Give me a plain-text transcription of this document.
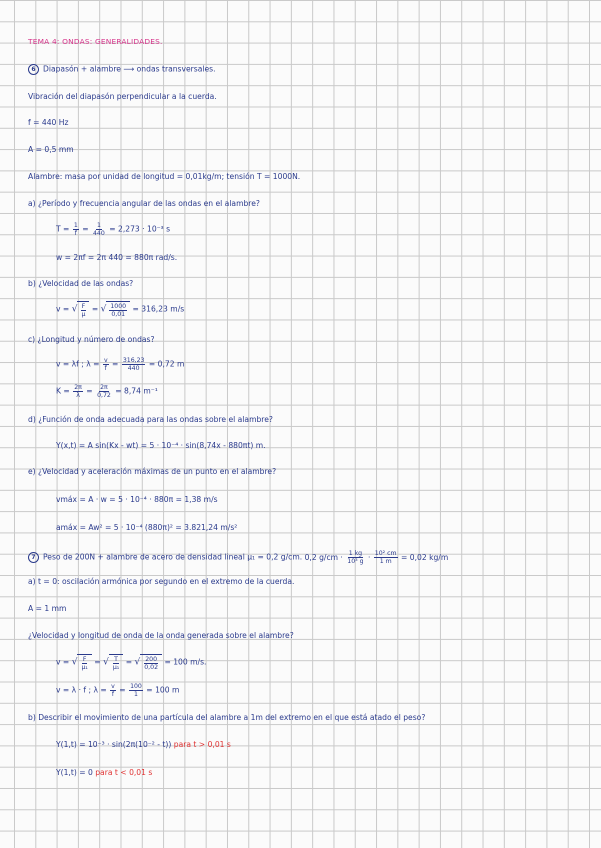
TEMA 4: ONDAS: GENERALIDADES.
6 Diapasón + alambre ⟶ ondas transversales.
Vibración del diapasón perpendicular a la cuerda.
f = 440 Hz
A = 0,5 mm
Alambre: masa por unidad de longitud = 0,01kg/m; tensión T = 1000N.
a) ¿Período y frecuencia angular de las ondas en el alambre?
$T = \frac{1}{f} = \frac{1}{440} = 2,273 \cdot 10^{-3}$ s
w = 2πf = 2π 440 = 880π rad/s.
b) ¿Velocidad de las ondas?
v = √ $\frac{F}{\mu}$ = √ $\frac{1000}{0,01} = 316,23$ m/s
c) ¿Longitud y número de ondas?
v = λf ; $\lambda = \frac{v}{f} = \frac{316,23}{440} = 0,72$ m
$K = \frac{2\pi}{\lambda} = \frac{2\pi}{0,72} = 8,74$ m⁻¹
d) ¿Función de onda adecuada para las ondas sobre el alambre?
Y(x,t) = A sin(Kx - wt) = 5 · 10⁻⁴ · sin(8,74x - 880πt) m.
e) ¿Velocidad y aceleración máximas de un punto en el alambre?
vmáx = A · w = 5 · 10⁻⁴ · 880π = 1,38 m/s
amáx = Aw² = 5 · 10⁻⁴ (880π)² = 3.821,24 m/s²
7 Peso de 200N + alambre de acero de densidad lineal μ₁ = 0,2 g/cm. 0,2 $g/cm \cdot \frac{1 kg}{\text{10³ g}} \cdot \frac{\text{10² cm}}{1 m} = 0,02$ kg/m
a) t = 0: oscilación armónica por segundo en el extremo de la cuerda.
A = 1 mm
¿Velocidad y longitud de onda de la onda generada sobre el alambre?
v = √ $\frac{F}{\text{μ₁}}$ = √ $\frac{T}{\text{μ₁}}$ = √ $\frac{200}{0,02} = 100$ m/s.
v = λ · f ; $\lambda = \frac{v}{f} = \frac{100}{1} = 100$ m
b) Describir el movimiento de una partícula del alambre a 1m del extremo en el que está atado el peso?
Y(1,t) = 10⁻³ · sin(2π(10⁻² - t)) para t > 0,01 s
Y(1,t) = 0 para t < 0,01 s
